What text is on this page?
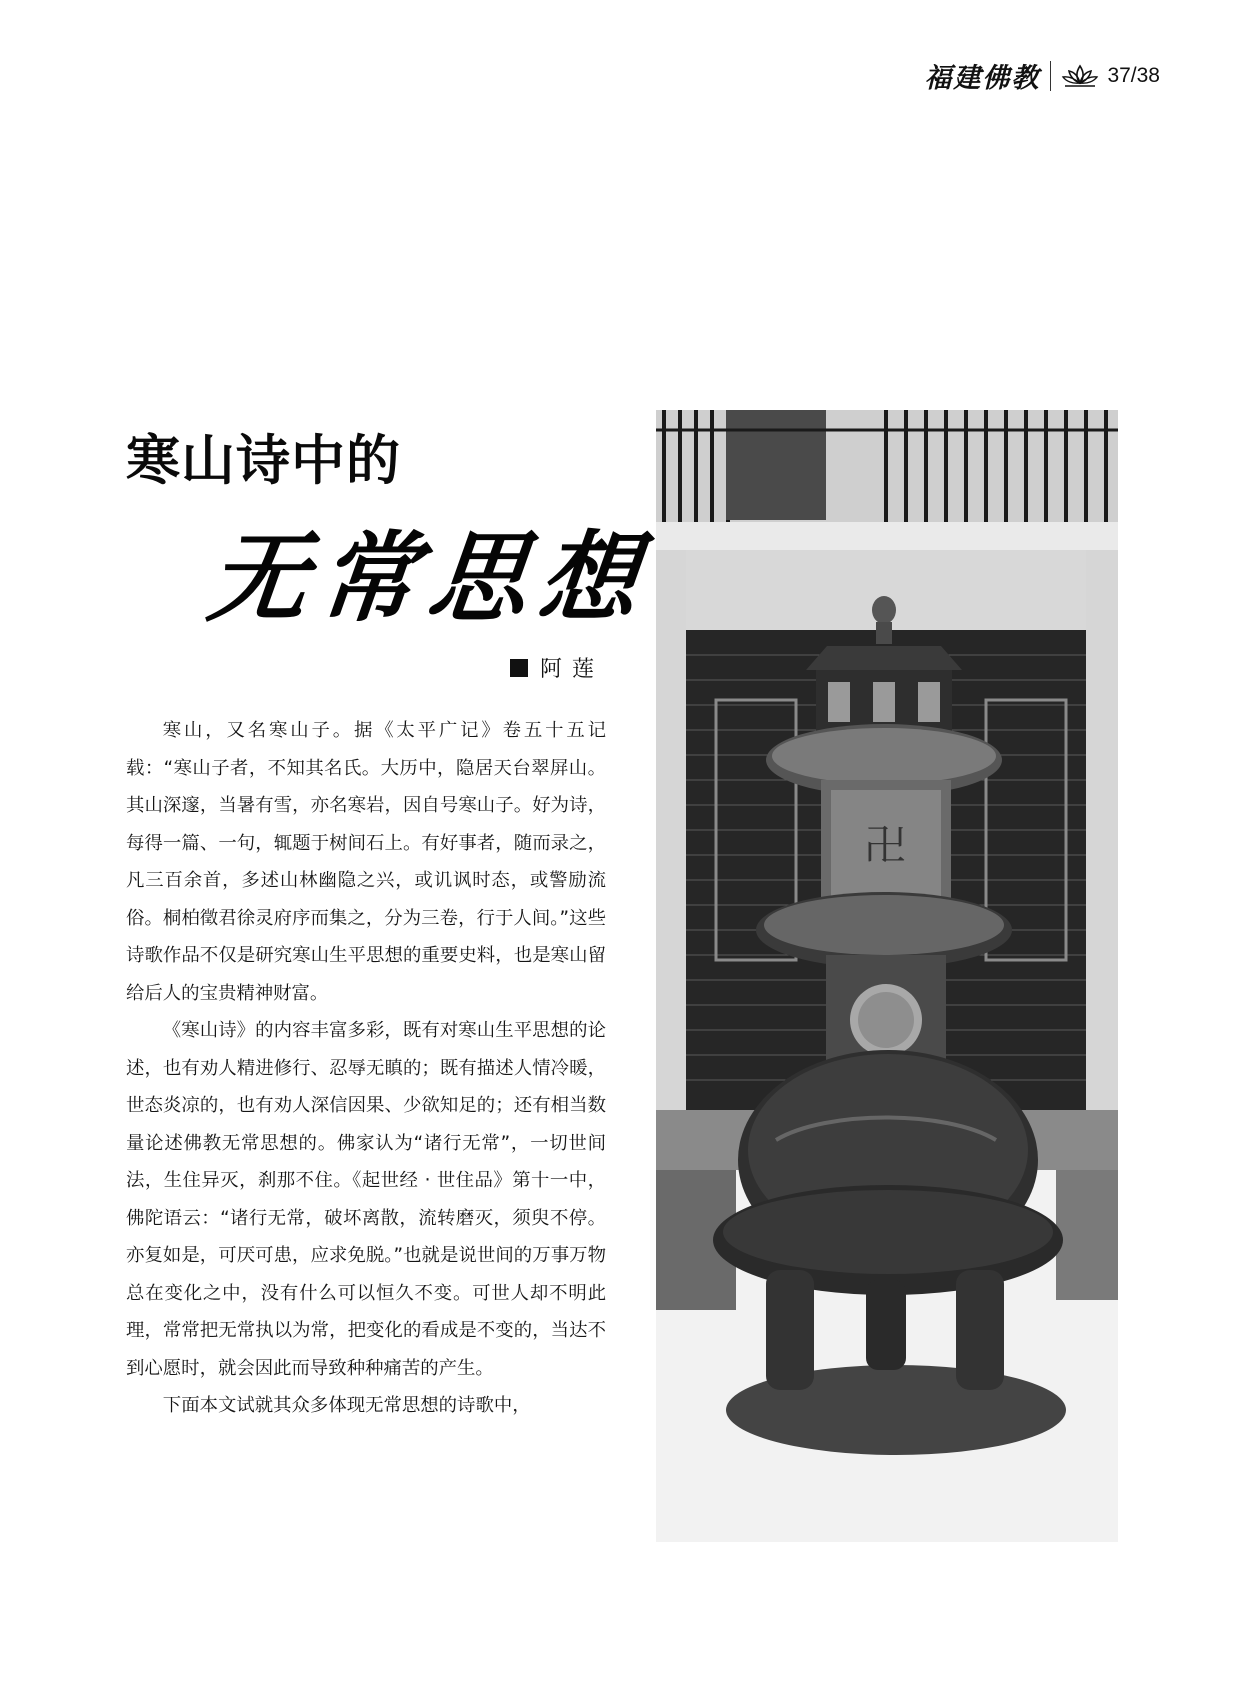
福建佛教	37/38
寒山诗中的
无常思想
阿莲

寒山，又名寒山子。据《太平广记》卷五十五记载：“寒山子者，不知其名氏。大历中，隐居天台翠屏山。其山深邃，当暑有雪，亦名寒岩，因自号寒山子。好为诗，每得一篇、一句，辄题于树间石上。有好事者，随而录之，凡三百余首，多述山林幽隐之兴，或讥讽时态，或警励流俗。桐柏徵君徐灵府序而集之，分为三卷，行于人间。”这些诗歌作品不仅是研究寒山生平思想的重要史料，也是寒山留给后人的宝贵精神财富。

《寒山诗》的内容丰富多彩，既有对寒山生平思想的论述，也有劝人精进修行、忍辱无瞋的；既有描述人情冷暖，世态炎凉的，也有劝人深信因果、少欲知足的；还有相当数量论述佛教无常思想的。佛家认为“诸行无常”，一切世间法，生住异灭，刹那不住。《起世经 · 世住品》第十一中，佛陀语云：“诸行无常，破坏离散，流转磨灭，须臾不停。亦复如是，可厌可患，应求免脱。”也就是说世间的万事万物总在变化之中，没有什么可以恒久不变。可世人却不明此理，常常把无常执以为常，把变化的看成是不变的，当达不到心愿时，就会因此而导致种种痛苦的产生。

下面本文试就其众多体现无常思想的诗歌中，

卍
